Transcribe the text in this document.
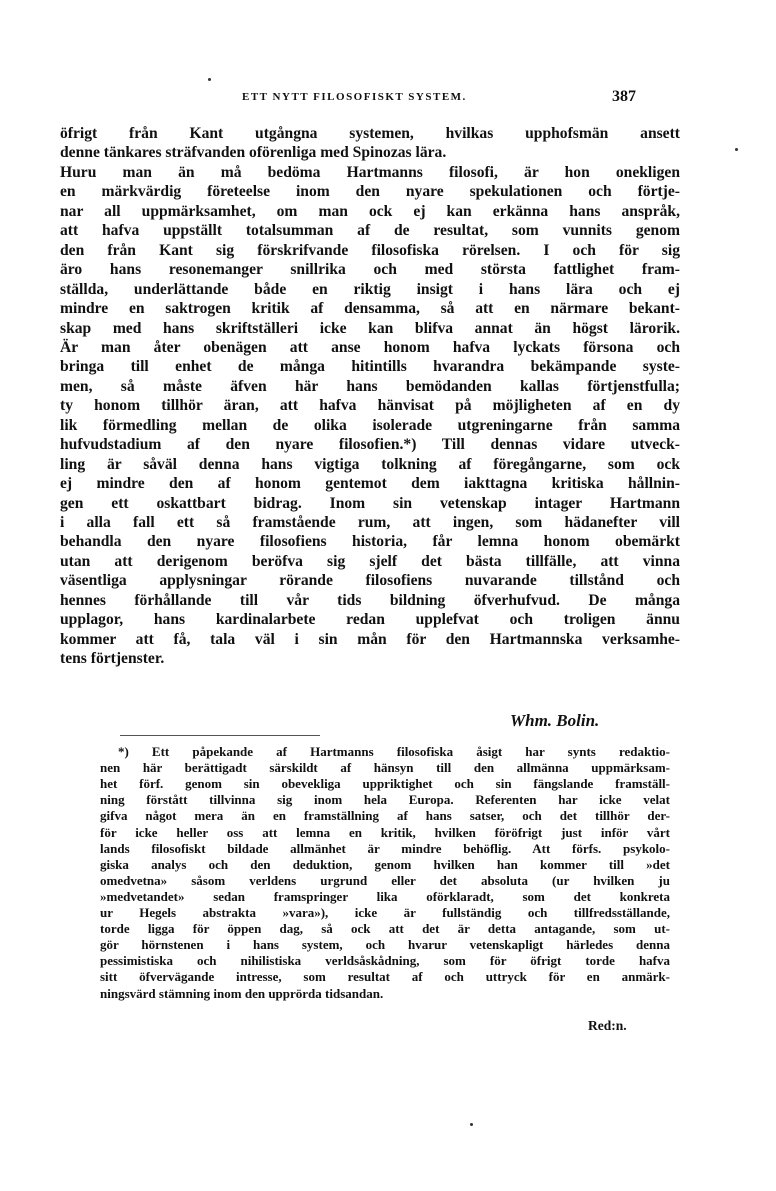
ETT NYTT FILOSOFISKT SYSTEM.	387
öfrigt från Kant utgångna systemen, hvilkas upphofsmän ansett
denne tänkares sträfvanden oförenliga med Spinozas lära.
Huru man än må bedöma Hartmanns filosofi, är hon onekligen
en märkvärdig företeelse inom den nyare spekulationen och förtje-
nar all uppmärksamhet, om man ock ej kan erkänna hans anspråk,
att hafva uppställt totalsumman af de resultat, som vunnits genom
den från Kant sig förskrifvande filosofiska rörelsen. I och för sig
äro hans resonemanger snillrika och med största fattlighet fram-
ställda, underlättande både en riktig insigt i hans lära och ej
mindre en saktrogen kritik af densamma, så att en närmare bekant-
skap med hans skriftställeri icke kan blifva annat än högst lärorik.
Är man åter obenägen att anse honom hafva lyckats försona och
bringa till enhet de många hitintills hvarandra bekämpande syste-
men, så måste äfven här hans bemödanden kallas förtjenstfulla;
ty honom tillhör äran, att hafva hänvisat på möjligheten af en dy
lik förmedling mellan de olika isolerade utgreningarne från samma
hufvudstadium af den nyare filosofien.*) Till dennas vidare utveck-
ling är såväl denna hans vigtiga tolkning af föregångarne, som ock
ej mindre den af honom gentemot dem iakttagna kritiska hållnin-
gen ett oskattbart bidrag. Inom sin vetenskap intager Hartmann
i alla fall ett så framstående rum, att ingen, som hädanefter vill
behandla den nyare filosofiens historia, får lemna honom obemärkt
utan att derigenom beröfva sig sjelf det bästa tillfälle, att vinna
väsentliga applysningar rörande filosofiens nuvarande tillstånd och
hennes förhållande till vår tids bildning öfverhufvud. De många
upplagor, hans kardinalarbete redan upplefvat och troligen ännu
kommer att få, tala väl i sin mån för den Hartmannska verksamhe-
tens förtjenster.
Whm. Bolin.
*) Ett påpekande af Hartmanns filosofiska åsigt har synts redaktio-
nen här berättigadt särskildt af hänsyn till den allmänna uppmärksam-
het förf. genom sin obevekliga uppriktighet och sin fängslande framställ-
ning förstått tillvinna sig inom hela Europa. Referenten har icke velat
gifva något mera än en framställning af hans satser, och det tillhör der-
för icke heller oss att lemna en kritik, hvilken föröfrigt just inför vårt
lands filosofiskt bildade allmänhet är mindre behöflig. Att förfs. psykolo-
giska analys och den deduktion, genom hvilken han kommer till »det
omedvetna» såsom verldens urgrund eller det absoluta (ur hvilken ju
»medvetandet» sedan framspringer lika oförklaradt, som det konkreta
ur Hegels abstrakta »vara»), icke är fullständig och tillfredsställande,
torde ligga för öppen dag, så ock att det är detta antagande, som ut-
gör hörnstenen i hans system, och hvarur vetenskapligt härledes denna
pessimistiska och nihilistiska verldsåskådning, som för öfrigt torde hafva
sitt öfvervägande intresse, som resultat af och uttryck för en anmärk-
ningsvärd stämning inom den upprörda tidsandan.
Red:n.
